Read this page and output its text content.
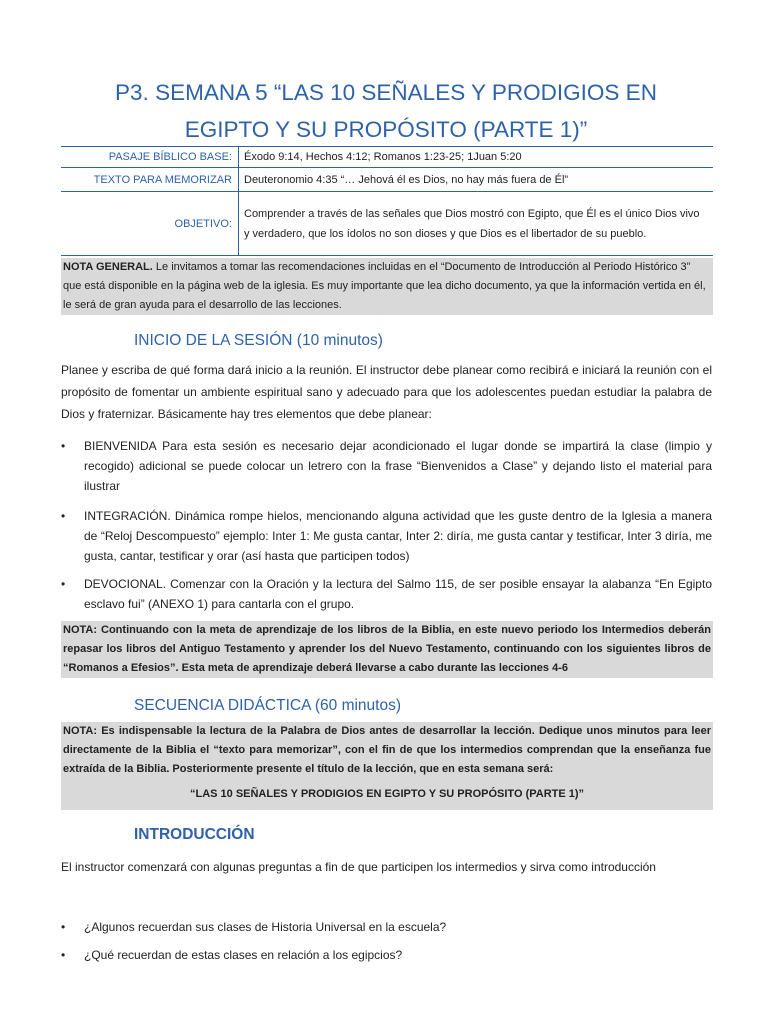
P3. SEMANA 5 “LAS 10 SEÑALES Y PRODIGIOS EN
EGIPTO Y SU PROPÓSITO (PARTE 1)”
PASAJE BÍBLICO BASE:	Éxodo 9:14, Hechos 4:12; Romanos 1:23-25; 1Juan 5:20
TEXTO PARA MEMORIZAR	Deuteronomio 4:35 “… Jehová él es Dios, no hay más fuera de Él”
OBJETIVO:	Comprender a través de las señales que Dios mostró con Egipto, que Él es el único Dios vivo y verdadero, que los ídolos no son dioses y que Dios es el libertador de su pueblo.
NOTA GENERAL. Le invitamos a tomar las recomendaciones incluidas en el “Documento de Introducción al Periodo Histórico 3” que está disponible en la página web de la iglesia. Es muy importante que lea dicho documento, ya que la información vertida en él, le será de gran ayuda para el desarrollo de las lecciones.
INICIO DE LA SESIÓN (10 minutos)

Planee y escriba de qué forma dará inicio a la reunión. El instructor debe planear como recibirá e iniciará la reunión con el propósito de fomentar un ambiente espiritual sano y adecuado para que los adolescentes puedan estudiar la palabra de Dios y fraternizar. Básicamente hay tres elementos que debe planear:

•	BIENVENIDA Para esta sesión es necesario dejar acondicionado el lugar donde se impartirá la clase (limpio y recogido) adicional se puede colocar un letrero con la frase “Bienvenidos a Clase” y dejando listo el material para ilustrar
•	INTEGRACIÓN. Dinámica rompe hielos, mencionando alguna actividad que les guste dentro de la Iglesia a manera de “Reloj Descompuesto” ejemplo: Inter 1: Me gusta cantar, Inter 2: diría, me gusta cantar y testificar, Inter 3 diría, me gusta, cantar, testificar y orar (así hasta que participen todos)
•	DEVOCIONAL. Comenzar con la Oración y la lectura del Salmo 115, de ser posible ensayar la alabanza “En Egipto esclavo fui” (ANEXO 1) para cantarla con el grupo.
NOTA: Continuando con la meta de aprendizaje de los libros de la Biblia, en este nuevo periodo los Intermedios deberán repasar los libros del Antiguo Testamento y aprender los del Nuevo Testamento, continuando con los siguientes libros de “Romanos a Efesios”. Esta meta de aprendizaje deberá llevarse a cabo durante las lecciones 4-6
SECUENCIA DIDÁCTICA (60 minutos)
NOTA: Es indispensable la lectura de la Palabra de Dios antes de desarrollar la lección. Dedique unos minutos para leer directamente de la Biblia el “texto para memorizar”, con el fin de que los intermedios comprendan que la enseñanza fue extraída de la Biblia. Posteriormente presente el título de la lección, que en esta semana será:
“LAS 10 SEÑALES Y PRODIGIOS EN EGIPTO Y SU PROPÓSITO (PARTE 1)”
INTRODUCCIÓN

El instructor comenzará con algunas preguntas a fin de que participen los intermedios y sirva como introducción

•	¿Algunos recuerdan sus clases de Historia Universal en la escuela?
•	¿Qué recuerdan de estas clases en relación a los egipcios?
